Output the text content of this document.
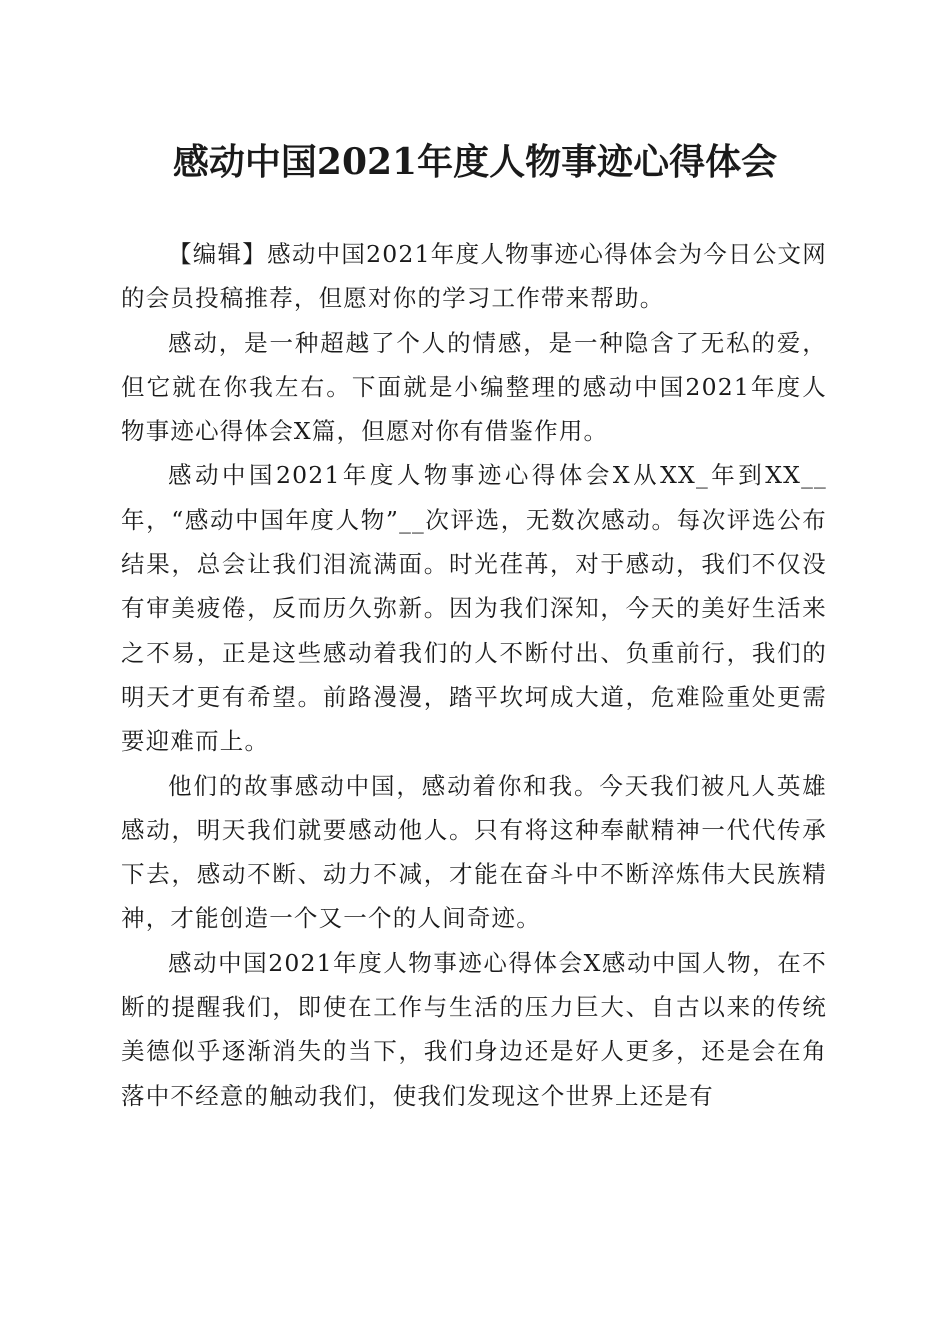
感动中国2021年度人物事迹心得体会

【编辑】感动中国2021年度人物事迹心得体会为今日公文网的会员投稿推荐，但愿对你的学习工作带来帮助。

感动，是一种超越了个人的情感，是一种隐含了无私的爱，但它就在你我左右。下面就是小编整理的感动中国2021年度人物事迹心得体会X篇，但愿对你有借鉴作用。

感动中国2021年度人物事迹心得体会X从XX_年到XX__年，“感动中国年度人物”__次评选，无数次感动。每次评选公布结果，总会让我们泪流满面。时光荏苒，对于感动，我们不仅没有审美疲倦，反而历久弥新。因为我们深知，今天的美好生活来之不易，正是这些感动着我们的人不断付出、负重前行，我们的明天才更有希望。前路漫漫，踏平坎坷成大道，危难险重处更需要迎难而上。

他们的故事感动中国，感动着你和我。今天我们被凡人英雄感动，明天我们就要感动他人。只有将这种奉献精神一代代传承下去，感动不断、动力不减，才能在奋斗中不断淬炼伟大民族精神，才能创造一个又一个的人间奇迹。

感动中国2021年度人物事迹心得体会X感动中国人物，在不断的提醒我们，即使在工作与生活的压力巨大、自古以来的传统美德似乎逐渐消失的当下，我们身边还是好人更多，还是会在角落中不经意的触动我们，使我们发现这个世界上还是有
